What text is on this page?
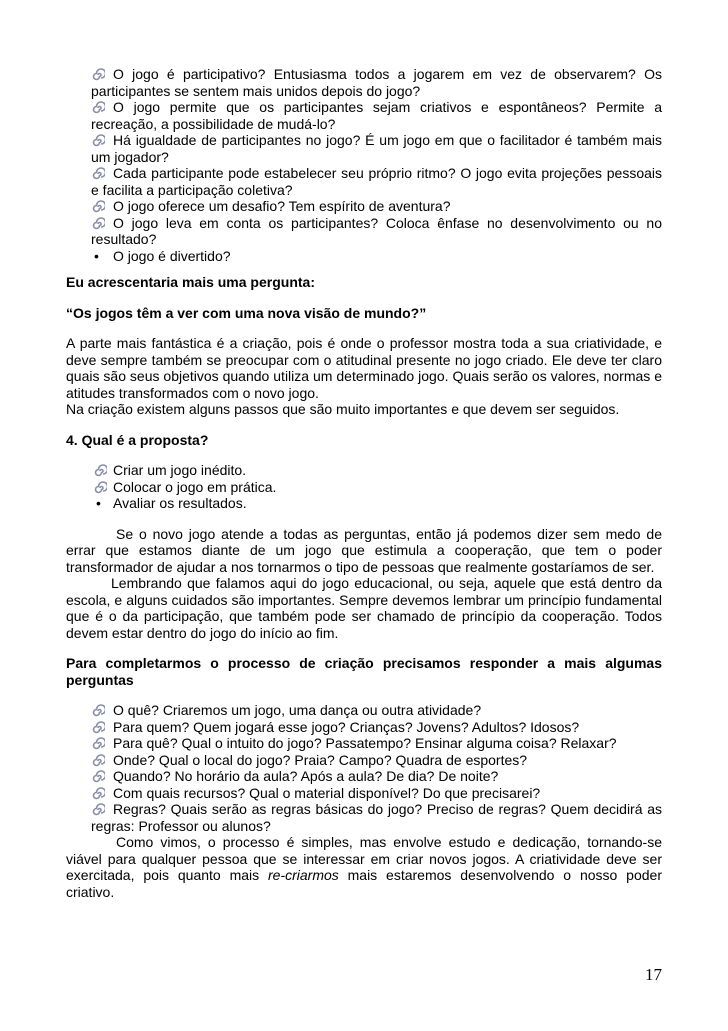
O jogo é participativo? Entusiasma todos a jogarem em vez de observarem? Os participantes se sentem mais unidos depois do jogo?
O jogo permite que os participantes sejam criativos e espontâneos? Permite a recreação, a possibilidade de mudá-lo?
Há igualdade de participantes no jogo? É um jogo em que o facilitador é também mais um jogador?
Cada participante pode estabelecer seu próprio ritmo? O jogo evita projeções pessoais e facilita a participação coletiva?
O jogo oferece um desafio? Tem espírito de aventura?
O jogo leva em conta os participantes? Coloca ênfase no desenvolvimento ou no resultado?
• O jogo é divertido?

Eu acrescentaria mais uma pergunta:

“Os jogos têm a ver com uma nova visão de mundo?”

A parte mais fantástica é a criação, pois é onde o professor mostra toda a sua criatividade, e deve sempre também se preocupar com o atitudinal presente no jogo criado. Ele deve ter claro quais são seus objetivos quando utiliza um determinado jogo. Quais serão os valores, normas e atitudes transformados com o novo jogo.

Na criação existem alguns passos que são muito importantes e que devem ser seguidos.

4. Qual é a proposta?

Criar um jogo inédito.
Colocar o jogo em prática.
• Avaliar os resultados.

Se o novo jogo atende a todas as perguntas, então já podemos dizer sem medo de errar que estamos diante de um jogo que estimula a cooperação, que tem o poder transformador de ajudar a nos tornarmos o tipo de pessoas que realmente gostaríamos de ser.

Lembrando que falamos aqui do jogo educacional, ou seja, aquele que está dentro da escola, e alguns cuidados são importantes. Sempre devemos lembrar um princípio fundamental que é o da participação, que também pode ser chamado de princípio da cooperação. Todos devem estar dentro do jogo do início ao fim.

Para completarmos o processo de criação precisamos responder a mais algumas perguntas

O quê? Criaremos um jogo, uma dança ou outra atividade?
Para quem? Quem jogará esse jogo? Crianças? Jovens? Adultos? Idosos?
Para quê? Qual o intuito do jogo? Passatempo? Ensinar alguma coisa? Relaxar?
Onde? Qual o local do jogo? Praia? Campo? Quadra de esportes?
Quando? No horário da aula? Após a aula? De dia? De noite?
Com quais recursos? Qual o material disponível? Do que precisarei?
Regras? Quais serão as regras básicas do jogo? Preciso de regras? Quem decidirá as regras: Professor ou alunos?

Como vimos, o processo é simples, mas envolve estudo e dedicação, tornando-se viável para qualquer pessoa que se interessar em criar novos jogos. A criatividade deve ser exercitada, pois quanto mais re-criarmos mais estaremos desenvolvendo o nosso poder criativo.

17
